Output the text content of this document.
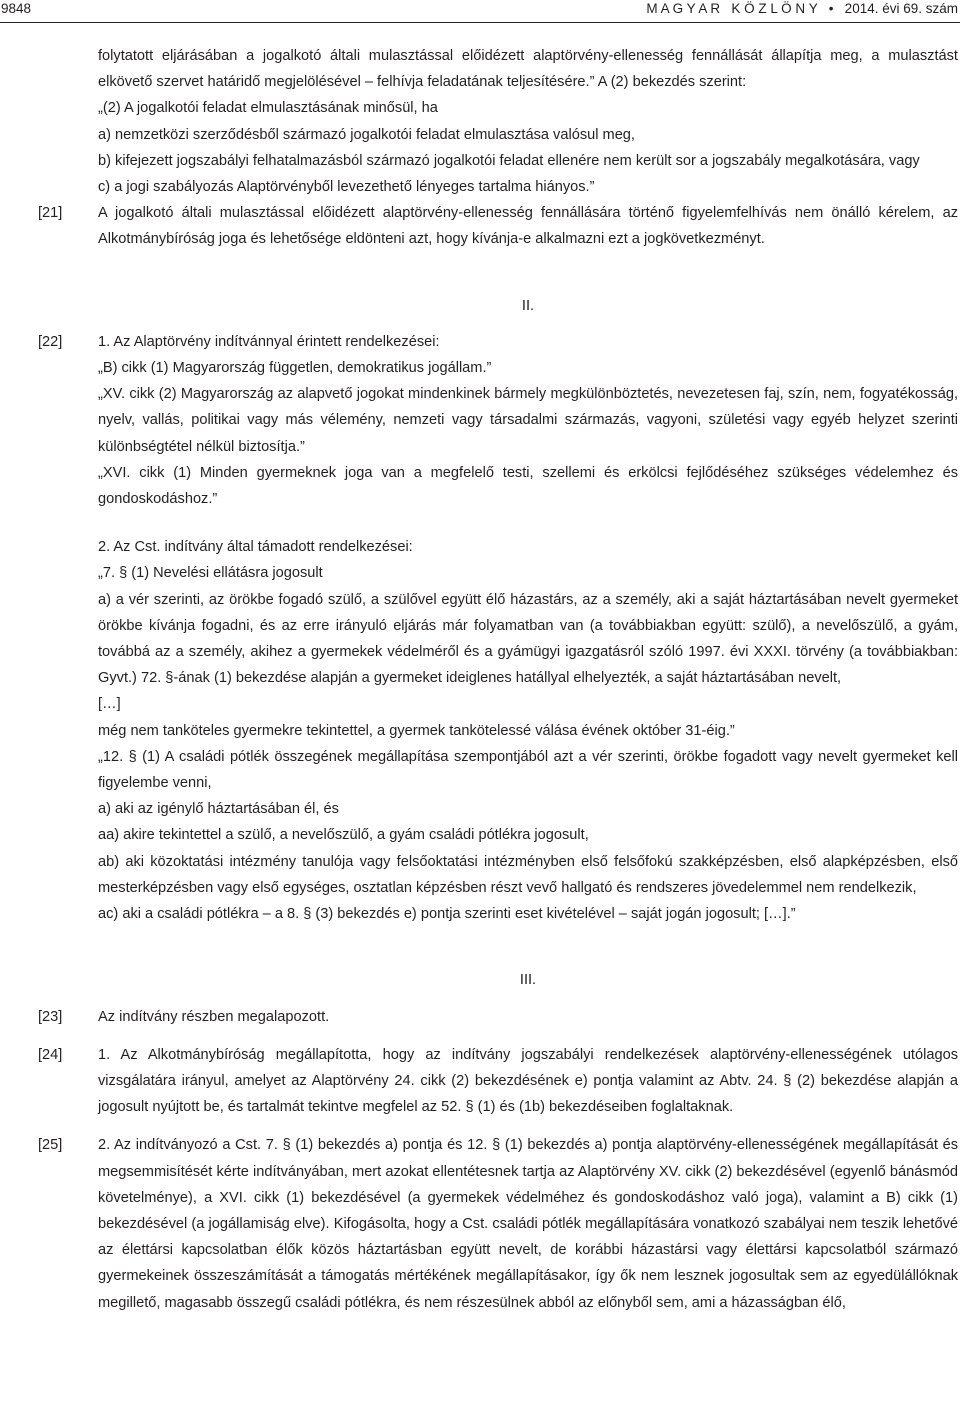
9848	M A G Y A R   K Ö Z L Ö N Y   •   2014. évi 69. szám

folytatott eljárásában a jogalkotó általi mulasztással előidézett alaptörvény-ellenesség fennállását állapítja meg, a mulasztást elkövető szervet határidő megjelölésével – felhívja feladatának teljesítésére.” A (2) bekezdés szerint:

„(2) A jogalkotói feladat elmulasztásának minősül, ha

a) nemzetközi szerződésből származó jogalkotói feladat elmulasztása valósul meg,

b) kifejezett jogszabályi felhatalmazásból származó jogalkotói feladat ellenére nem került sor a jogszabály megalkotására, vagy

c) a jogi szabályozás Alaptörvényből levezethető lényeges tartalma hiányos.”

[21] A jogalkotó általi mulasztással előidézett alaptörvény-ellenesség fennállására történő figyelemfelhívás nem önálló kérelem, az Alkotmánybíróság joga és lehetősége eldönteni azt, hogy kívánja-e alkalmazni ezt a jogkövetkezményt.

II.
[22] 1. Az Alaptörvény indítvánnyal érintett rendelkezései:

„B) cikk (1) Magyarország független, demokratikus jogállam.”

„XV. cikk (2) Magyarország az alapvető jogokat mindenkinek bármely megkülönböztetés, nevezetesen faj, szín, nem, fogyatékosság, nyelv, vallás, politikai vagy más vélemény, nemzeti vagy társadalmi származás, vagyoni, születési vagy egyéb helyzet szerinti különbségtétel nélkül biztosítja.”

„XVI. cikk (1) Minden gyermeknek joga van a megfelelő testi, szellemi és erkölcsi fejlődéséhez szükséges védelemhez és gondoskodáshoz.”

2. Az Cst. indítvány által támadott rendelkezései:

„7. § (1) Nevelési ellátásra jogosult

a) a vér szerinti, az örökbe fogadó szülő, a szülővel együtt élő házastárs, az a személy, aki a saját háztartásában nevelt gyermeket örökbe kívánja fogadni, és az erre irányuló eljárás már folyamatban van (a továbbiakban együtt: szülő), a nevelőszülő, a gyám, továbbá az a személy, akihez a gyermekek védelméről és a gyámügyi igazgatásról szóló 1997. évi XXXI. törvény (a továbbiakban: Gyvt.) 72. §-ának (1) bekezdése alapján a gyermeket ideiglenes hatállyal elhelyezték, a saját háztartásában nevelt,

[…]

még nem tanköteles gyermekre tekintettel, a gyermek tankötelessé válása évének október 31-éig.”

„12. § (1) A családi pótlék összegének megállapítása szempontjából azt a vér szerinti, örökbe fogadott vagy nevelt gyermeket kell figyelembe venni,

a) aki az igénylő háztartásában él, és

aa) akire tekintettel a szülő, a nevelőszülő, a gyám családi pótlékra jogosult,

ab) aki közoktatási intézmény tanulója vagy felsőoktatási intézményben első felsőfokú szakképzésben, első alapképzésben, első mesterképzésben vagy első egységes, osztatlan képzésben részt vevő hallgató és rendszeres jövedelemmel nem rendelkezik,

ac) aki a családi pótlékra – a 8. § (3) bekezdés e) pontja szerinti eset kivételével – saját jogán jogosult; […].”

III.
[23] Az indítvány részben megalapozott.

[24] 1. Az Alkotmánybíróság megállapította, hogy az indítvány jogszabályi rendelkezések alaptörvény-ellenességének utólagos vizsgálatára irányul, amelyet az Alaptörvény 24. cikk (2) bekezdésének e) pontja valamint az Abtv. 24. § (2) bekezdése alapján a jogosult nyújtott be, és tartalmát tekintve megfelel az 52. § (1) és (1b) bekezdéseiben foglaltaknak.

[25] 2. Az indítványozó a Cst. 7. § (1) bekezdés a) pontja és 12. § (1) bekezdés a) pontja alaptörvény-ellenességének megállapítását és megsemmisítését kérte indítványában, mert azokat ellentétesnek tartja az Alaptörvény XV. cikk (2) bekezdésével (egyenlő bánásmód követelménye), a XVI. cikk (1) bekezdésével (a gyermekek védelméhez és gondoskodáshoz való joga), valamint a B) cikk (1) bekezdésével (a jogállamiság elve). Kifogásolta, hogy a Cst. családi pótlék megállapítására vonatkozó szabályai nem teszik lehetővé az élettársi kapcsolatban élők közös háztartásban együtt nevelt, de korábbi házastársi vagy élettársi kapcsolatból származó gyermekeinek összeszámítását a támogatás mértékének megállapításakor, így ők nem lesznek jogosultak sem az egyedülállóknak megillető, magasabb összegű családi pótlékra, és nem részesülnek abból az előnyből sem, ami a házasságban élő,
